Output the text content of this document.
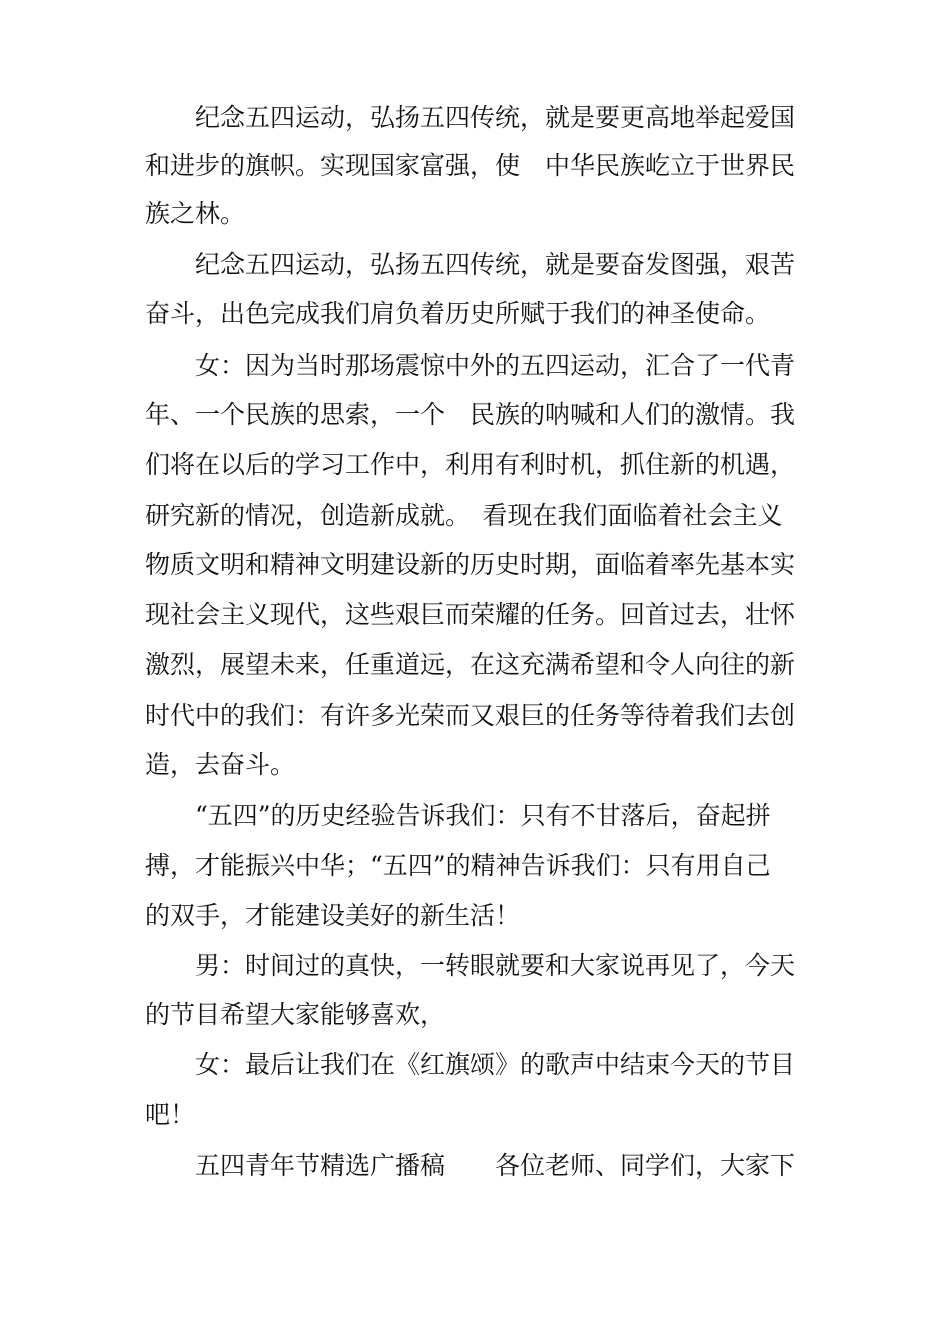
纪念五四运动，弘扬五四传统，就是要更高地举起爱国
和进步的旗帜。实现国家富强，使　中华民族屹立于世界民
族之林。
纪念五四运动，弘扬五四传统，就是要奋发图强，艰苦
奋斗，出色完成我们肩负着历史所赋于我们的神圣使命。
女：因为当时那场震惊中外的五四运动，汇合了一代青
年、一个民族的思索，一个　民族的呐喊和人们的激情。我
们将在以后的学习工作中，利用有利时机，抓住新的机遇，
研究新的情况，创造新成就。　看现在我们面临着社会主义
物质文明和精神文明建设新的历史时期，面临着率先基本实
现社会主义现代，这些艰巨而荣耀的任务。回首过去，壮怀
激烈，展望未来，任重道远，在这充满希望和令人向往的新
时代中的我们：有许多光荣而又艰巨的任务等待着我们去创
造，去奋斗。
“五四”的历史经验告诉我们：只有不甘落后，奋起拼
搏，才能振兴中华；“五四”的精神告诉我们：只有用自己
的双手，才能建设美好的新生活！
男：时间过的真快，一转眼就要和大家说再见了，今天
的节目希望大家能够喜欢，
女：最后让我们在《红旗颂》的歌声中结束今天的节目
吧！
五四青年节精选广播稿　　各位老师、同学们，大家下
